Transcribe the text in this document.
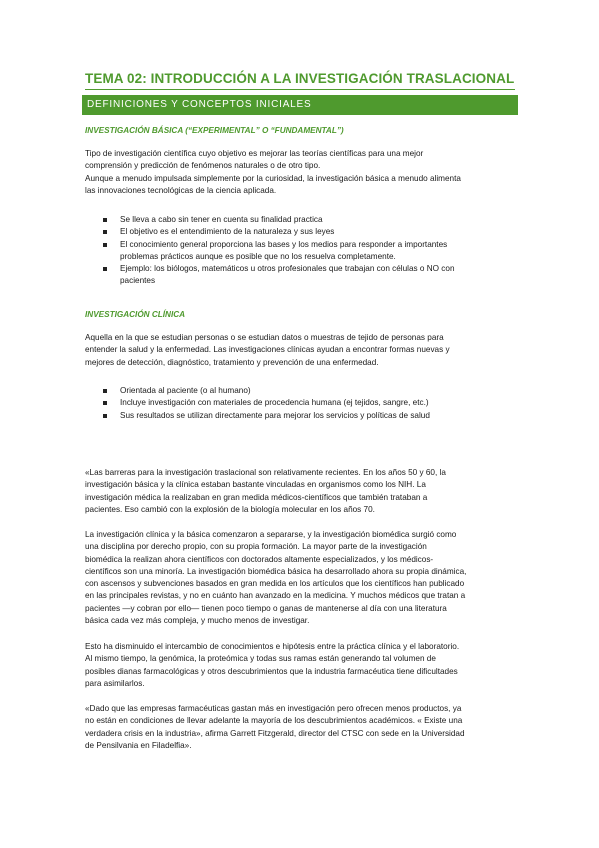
TEMA 02: INTRODUCCIÓN A LA INVESTIGACIÓN TRASLACIONAL
DEFINICIONES Y CONCEPTOS INICIALES
INVESTIGACIÓN BÁSICA (“EXPERIMENTAL” O “FUNDAMENTAL”)
Tipo de investigación científica cuyo objetivo es mejorar las teorías científicas para una mejor
comprensión y predicción de fenómenos naturales o de otro tipo.
Aunque a menudo impulsada simplemente por la curiosidad, la investigación básica a menudo alimenta
las innovaciones tecnológicas de la ciencia aplicada.
Se lleva a cabo sin tener en cuenta su finalidad practica
El objetivo es el entendimiento de la naturaleza y sus leyes
El conocimiento general proporciona las bases y los medios para responder a importantes
problemas prácticos aunque es posible que no los resuelva completamente.
Ejemplo: los biólogos, matemáticos u otros profesionales que trabajan con células o NO con
pacientes
INVESTIGACIÓN CLÍNICA
Aquella en la que se estudian personas o se estudian datos o muestras de tejido de personas para
entender la salud y la enfermedad. Las investigaciones clínicas ayudan a encontrar formas nuevas y
mejores de detección, diagnóstico, tratamiento y prevención de una enfermedad.
Orientada al paciente (o al humano)
Incluye investigación con materiales de procedencia humana (ej tejidos, sangre, etc.)
Sus resultados se utilizan directamente para mejorar los servicios y políticas de salud
«Las barreras para la investigación traslacional son relativamente recientes. En los años 50 y 60, la
investigación básica y la clínica estaban bastante vinculadas en organismos como los NIH. La
investigación médica la realizaban en gran medida médicos-científicos que también trataban a
pacientes. Eso cambió con la explosión de la biología molecular en los años 70.
La investigación clínica y la básica comenzaron a separarse, y la investigación biomédica surgió como
una disciplina por derecho propio, con su propia formación. La mayor parte de la investigación
biomédica la realizan ahora científicos con doctorados altamente especializados, y los médicos-
científicos son una minoría. La investigación biomédica básica ha desarrollado ahora su propia dinámica,
con ascensos y subvenciones basados en gran medida en los artículos que los científicos han publicado
en las principales revistas, y no en cuánto han avanzado en la medicina. Y muchos médicos que tratan a
pacientes —y cobran por ello— tienen poco tiempo o ganas de mantenerse al día con una literatura
básica cada vez más compleja, y mucho menos de investigar.
Esto ha disminuido el intercambio de conocimientos e hipótesis entre la práctica clínica y el laboratorio.
Al mismo tiempo, la genómica, la proteómica y todas sus ramas están generando tal volumen de
posibles dianas farmacológicas y otros descubrimientos que la industria farmacéutica tiene dificultades
para asimilarlos.
«Dado que las empresas farmacéuticas gastan más en investigación pero ofrecen menos productos, ya
no están en condiciones de llevar adelante la mayoría de los descubrimientos académicos. « Existe una
verdadera crisis en la industria», afirma Garrett Fitzgerald, director del CTSC con sede en la Universidad
de Pensilvania en Filadelfia».
